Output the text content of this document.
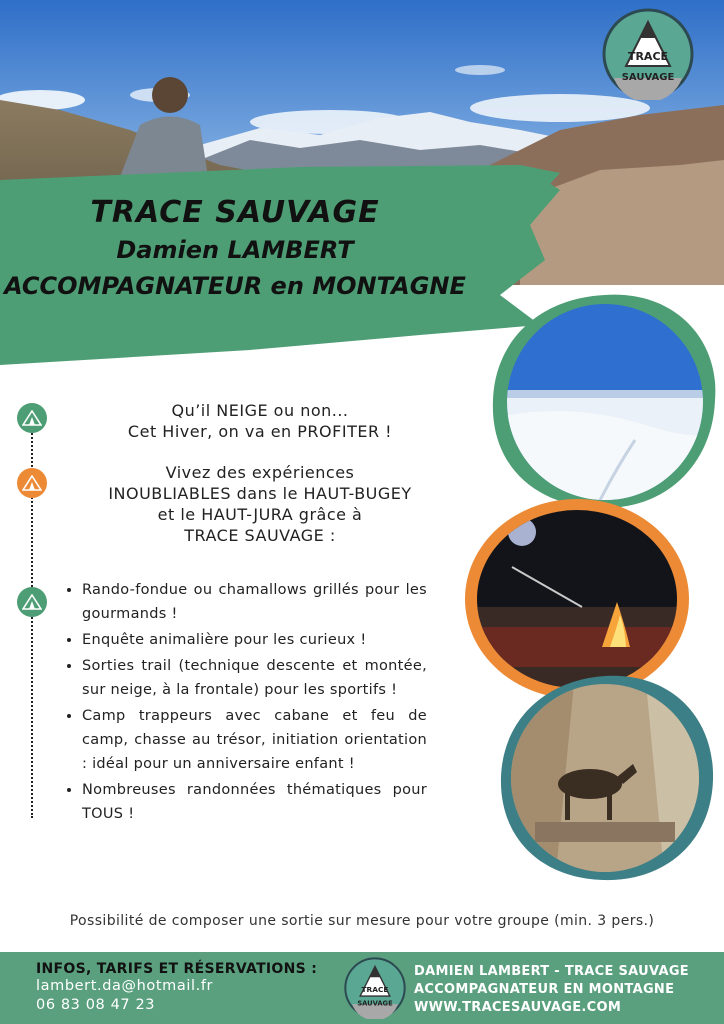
TRACE SAUVAGE
Damien LAMBERT
ACCOMPAGNATEUR en MONTAGNE
TRACE
SAUVAGE

Qu’il NEIGE ou non...

Cet Hiver, on va en PROFITER !

Vivez des expériences

INOUBLIABLES dans le HAUT-BUGEY

et le HAUT-JURA grâce à

TRACE SAUVAGE :

• Rando-fondue ou chamallows grillés pour les gourmands !
• Enquête animalière pour les curieux !
• Sorties trail (technique descente et montée, sur neige, à la frontale) pour les sportifs !
• Camp trappeurs avec cabane et feu de camp, chasse au trésor, initiation orientation : idéal pour un anniversaire enfant !
• Nombreuses randonnées thématiques pour TOUS !
Possibilité de composer une sortie sur mesure pour votre groupe (min. 3 pers.)
INFOS, TARIFS ET RÉSERVATIONS :
lambert.da@hotmail.fr
06 83 08 47 23
TRACE
SAUVAGE
DAMIEN LAMBERT - TRACE SAUVAGE
ACCOMPAGNATEUR EN MONTAGNE
WWW.TRACESAUVAGE.COM
